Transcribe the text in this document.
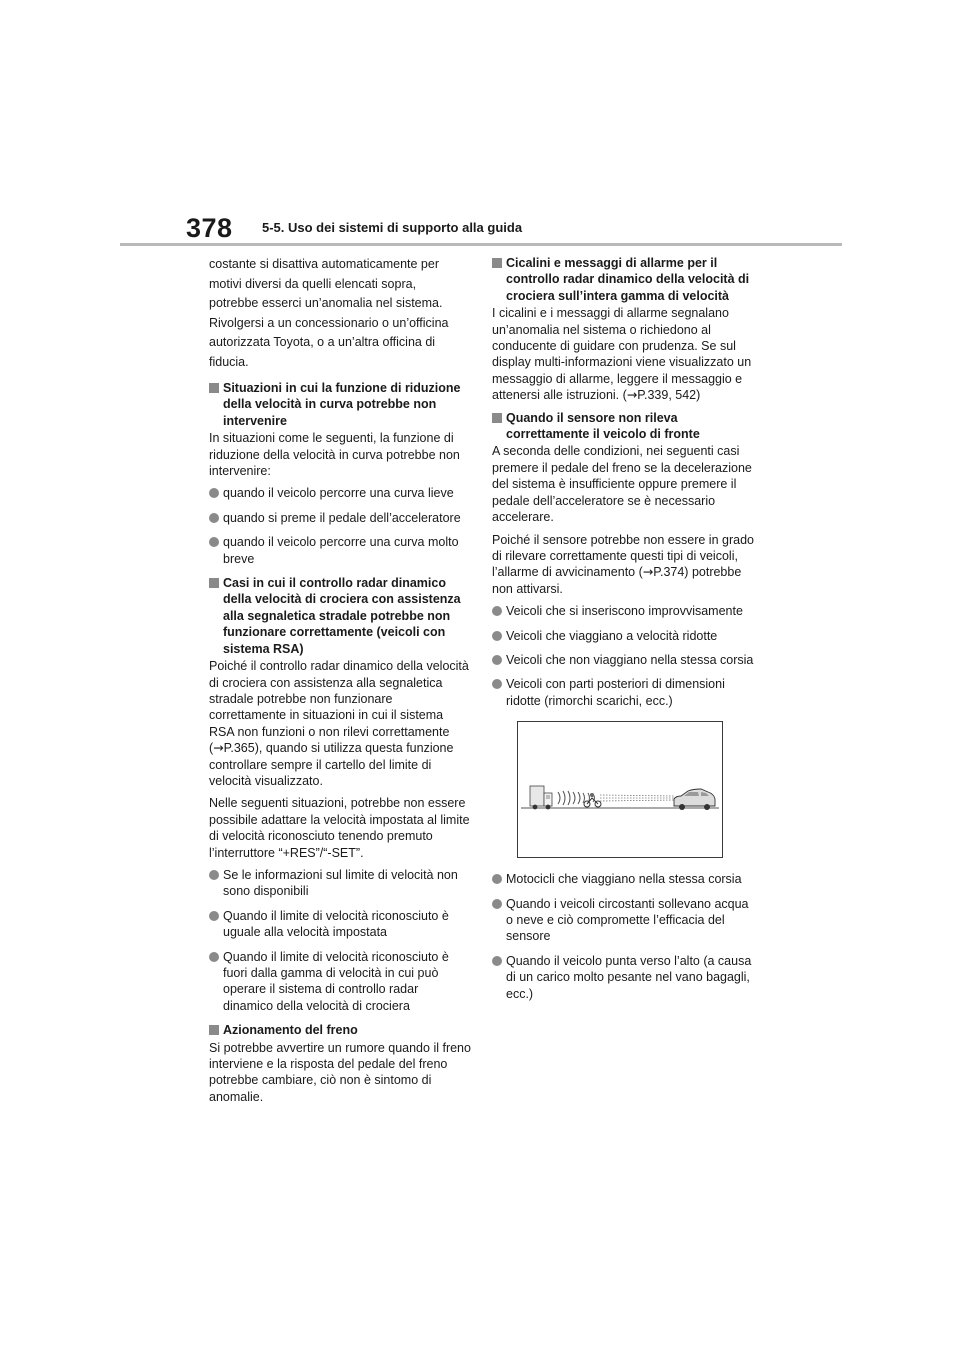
378 5-5. Uso dei sistemi di supporto alla guida

costante si disattiva automaticamente per

motivi diversi da quelli elencati sopra,

potrebbe esserci un’anomalia nel sistema.

Rivolgersi a un concessionario o un’officina

autorizzata Toyota, o a un’altra officina di

fiducia.

Situazioni in cui la funzione di riduzione della velocità in curva potrebbe non intervenire

In situazioni come le seguenti, la funzione di riduzione della velocità in curva potrebbe non intervenire:

quando il veicolo percorre una curva lieve
quando si preme il pedale dell’acceleratore
quando il veicolo percorre una curva molto breve
Casi in cui il controllo radar dinamico della velocità di crociera con assistenza alla segnaletica stradale potrebbe non funzionare correttamente (veicoli con sistema RSA)

Poiché il controllo radar dinamico della velocità di crociera con assistenza alla segnaletica stradale potrebbe non funzionare correttamente in situazioni in cui il sistema RSA non funzioni o non rilevi correttamente (→P.365), quando si utilizza questa funzione controllare sempre il cartello del limite di velocità visualizzato.

Nelle seguenti situazioni, potrebbe non essere possibile adattare la velocità impostata al limite di velocità riconosciuto tenendo premuto l’interruttore “+RES”/“-SET”.

Se le informazioni sul limite di velocità non sono disponibili
Quando il limite di velocità riconosciuto è uguale alla velocità impostata
Quando il limite di velocità riconosciuto è fuori dalla gamma di velocità in cui può operare il sistema di controllo radar dinamico della velocità di crociera
Azionamento del freno

Si potrebbe avvertire un rumore quando il freno interviene e la risposta del pedale del freno potrebbe cambiare, ciò non è sintomo di anomalie.

Cicalini e messaggi di allarme per il controllo radar dinamico della velocità di crociera sull’intera gamma di velocità

I cicalini e i messaggi di allarme segnalano un’anomalia nel sistema o richiedono al conducente di guidare con prudenza. Se sul display multi-informazioni viene visualizzato un messaggio di allarme, leggere il messaggio e attenersi alle istruzioni. (→P.339, 542)

Quando il sensore non rileva correttamente il veicolo di fronte

A seconda delle condizioni, nei seguenti casi premere il pedale del freno se la decelerazione del sistema è insufficiente oppure premere il pedale dell’acceleratore se è necessario accelerare.

Poiché il sensore potrebbe non essere in grado di rilevare correttamente questi tipi di veicoli, l’allarme di avvicinamento (→P.374) potrebbe non attivarsi.

Veicoli che si inseriscono improvvisamente
Veicoli che viaggiano a velocità ridotte
Veicoli che non viaggiano nella stessa corsia
Veicoli con parti posteriori di dimensioni ridotte (rimorchi scarichi, ecc.)
Motocicli che viaggiano nella stessa corsia
Quando i veicoli circostanti sollevano acqua o neve e ciò compromette l’efficacia del sensore
Quando il veicolo punta verso l’alto (a causa di un carico molto pesante nel vano bagagli, ecc.)
